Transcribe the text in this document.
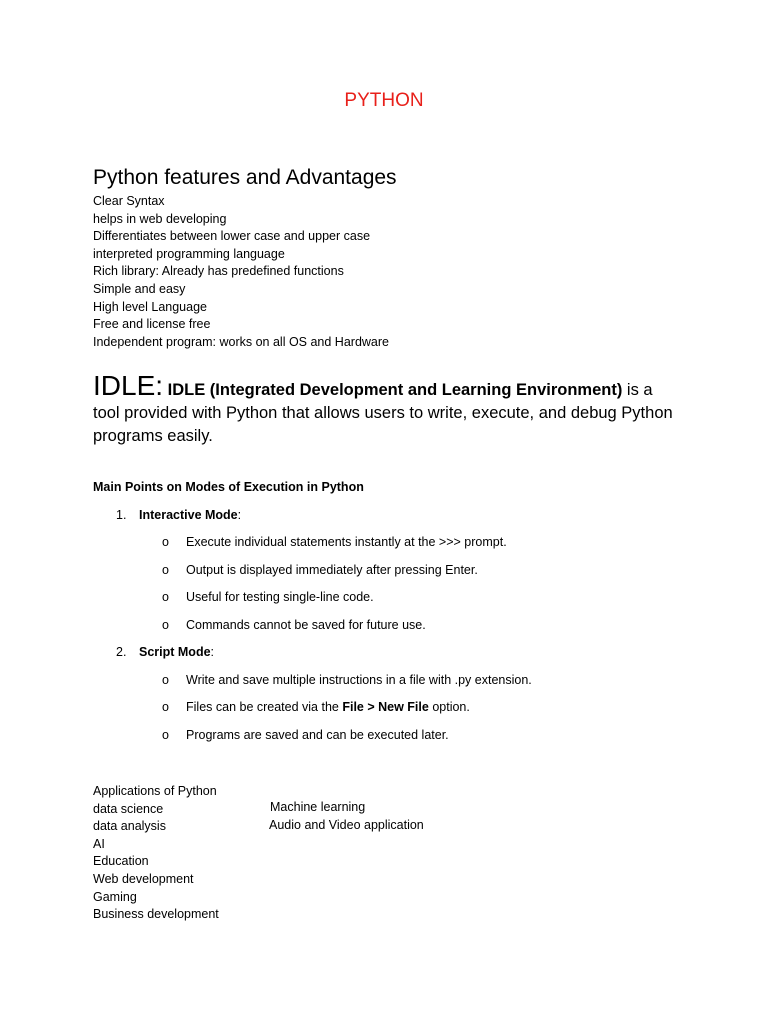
PYTHON
Python features and Advantages
Clear Syntax
helps in web developing
Differentiates between lower case and upper case
interpreted programming language
Rich library: Already has predefined functions
Simple and easy
High level Language
Free and license free
Independent program: works on all OS and Hardware
IDLE: IDLE (Integrated Development and Learning Environment) is a tool provided with Python that allows users to write, execute, and debug Python programs easily.
Main Points on Modes of Execution in Python
1. Interactive Mode:
o Execute individual statements instantly at the >>> prompt.
o Output is displayed immediately after pressing Enter.
o Useful for testing single-line code.
o Commands cannot be saved for future use.
2. Script Mode:
o Write and save multiple instructions in a file with .py extension.
o Files can be created via the File > New File option.
o Programs are saved and can be executed later.
Applications of Python
data science
data analysis
AI
Education
Web development
Gaming
Business development
Machine learning
Audio and Video application
